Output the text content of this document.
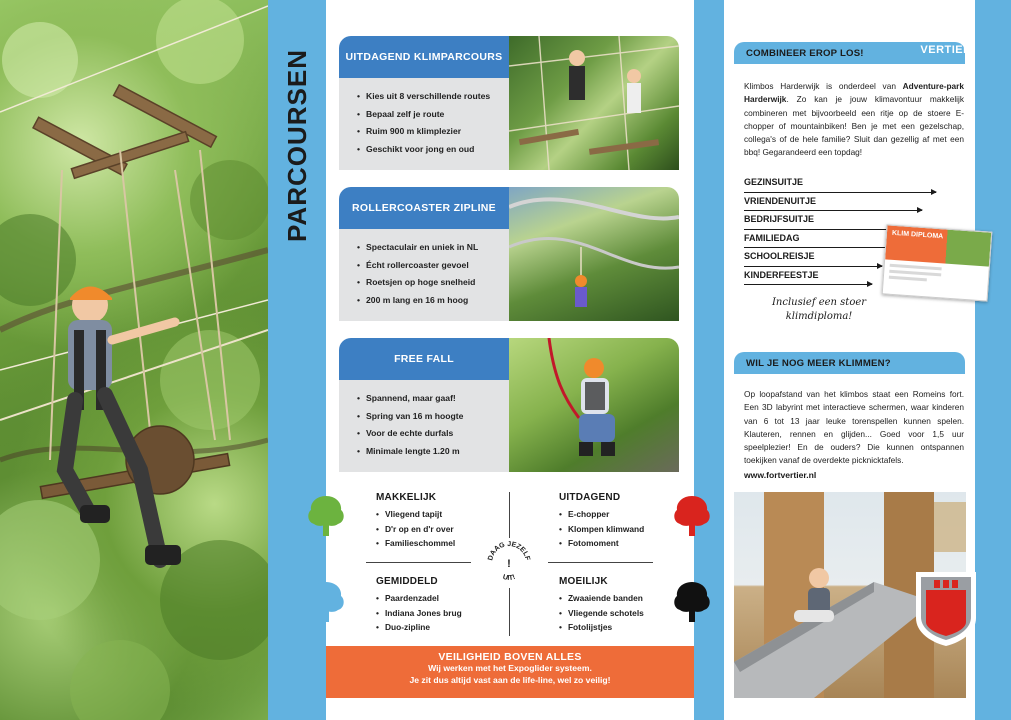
PARCOURSEN	UITDAGEND KLIMPARCOURS
• Kies uit 8 verschillende routes
• Bepaal zelf je route
• Ruim 900 m klimplezier
• Geschikt voor jong en oud
ROLLERCOASTER ZIPLINE
• Spectaculair en uniek in NL
• Écht rollercoaster gevoel
• Roetsjen op hoge snelheid
• 200 m lang en 16 m hoog
FREE FALL
• Spannend, maar gaaf!
• Spring van 16 m hoogte
• Voor de echte durfals
• Minimale lengte 1.20 m
MAKKELIJK
• Vliegend tapijt
• D'r op en d'r over
• Familieschommel
UITDAGEND
• E-chopper
• Klompen klimwand
• Fotomoment
GEMIDDELD
• Paardenzadel
• Indiana Jones brug
• Duo-zipline
MOEILIJK
• Zwaaiende banden
• Vliegende schotels
• Fotolijstjes
DAAG JEZELF
UIT!
!
VEILIGHEID BOVEN ALLES

Wij werken met het Expoglider systeem.

Je zit dus altijd vast aan de life-line, wel zo veilig!

COMBINEER EROP LOS!
Klimbos Harderwijk is onderdeel van Adventure-park Harderwijk. Zo kan je jouw klimavontuur makkelijk combineren met bijvoorbeeld een ritje op de stoere E-chopper of mountainbiken! Ben je met een gezelschap, collega's of de hele familie? Sluit dan gezellig af met een bbq! Gegarandeerd een topdag!
GEZINSUITJE
VRIENDENUITJE
BEDRIJFSUITJE
FAMILIEDAG
SCHOOLREISJE
KINDERFEESTJE
Inclusief een stoer klimdiploma!
WIL JE NOG MEER KLIMMEN?
Op loopafstand van het klimbos staat een Romeins fort. Een 3D labyrint met interactieve schermen, waar kinderen van 6 tot 13 jaar leuke torenspellen kunnen spelen. Klauteren, rennen en glijden... Goed voor 1,5 uur speelplezier! En de ouders? Die kunnen ontspannen toekijken vanaf de overdekte picknicktafels.
www.fortvertier.nl
KLIM DIPLOMA
FORT
VERTIER
